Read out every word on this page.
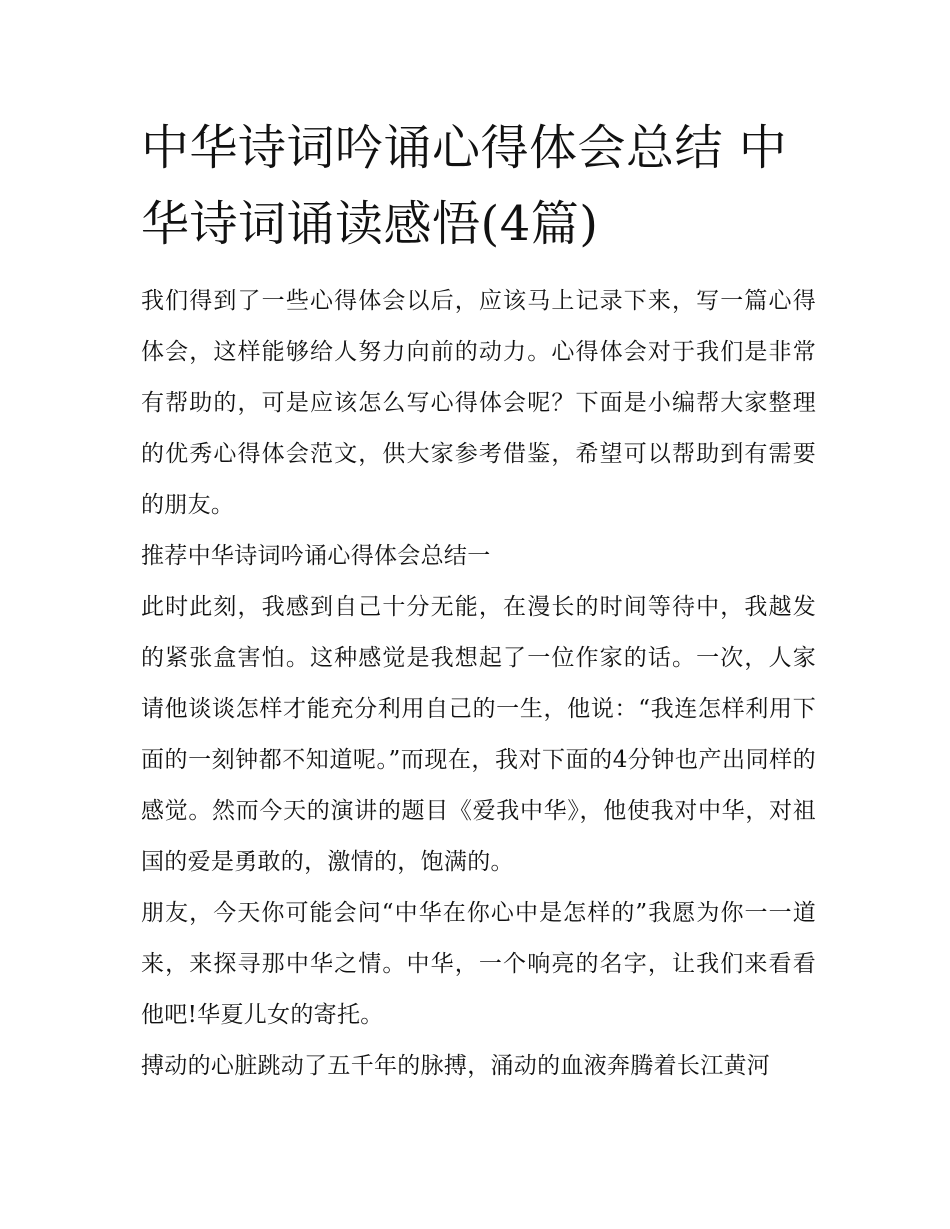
中华诗词吟诵心得体会总结 中华诗词诵读感悟(4篇)

我们得到了一些心得体会以后，应该马上记录下来，写一篇心得体会，这样能够给人努力向前的动力。心得体会对于我们是非常有帮助的，可是应该怎么写心得体会呢？下面是小编帮大家整理的优秀心得体会范文，供大家参考借鉴，希望可以帮助到有需要的朋友。

推荐中华诗词吟诵心得体会总结一

此时此刻，我感到自己十分无能，在漫长的时间等待中，我越发的紧张盒害怕。这种感觉是我想起了一位作家的话。一次，人家请他谈谈怎样才能充分利用自己的一生，他说：“我连怎样利用下面的一刻钟都不知道呢。”而现在，我对下面的4分钟也产出同样的感觉。然而今天的演讲的题目《爱我中华》，他使我对中华，对祖国的爱是勇敢的，激情的，饱满的。

朋友，今天你可能会问“中华在你心中是怎样的”我愿为你一一道来，来探寻那中华之情。中华，一个响亮的名字，让我们来看看他吧!华夏儿女的寄托。

搏动的心脏跳动了五千年的脉搏，涌动的血液奔腾着长江黄河
